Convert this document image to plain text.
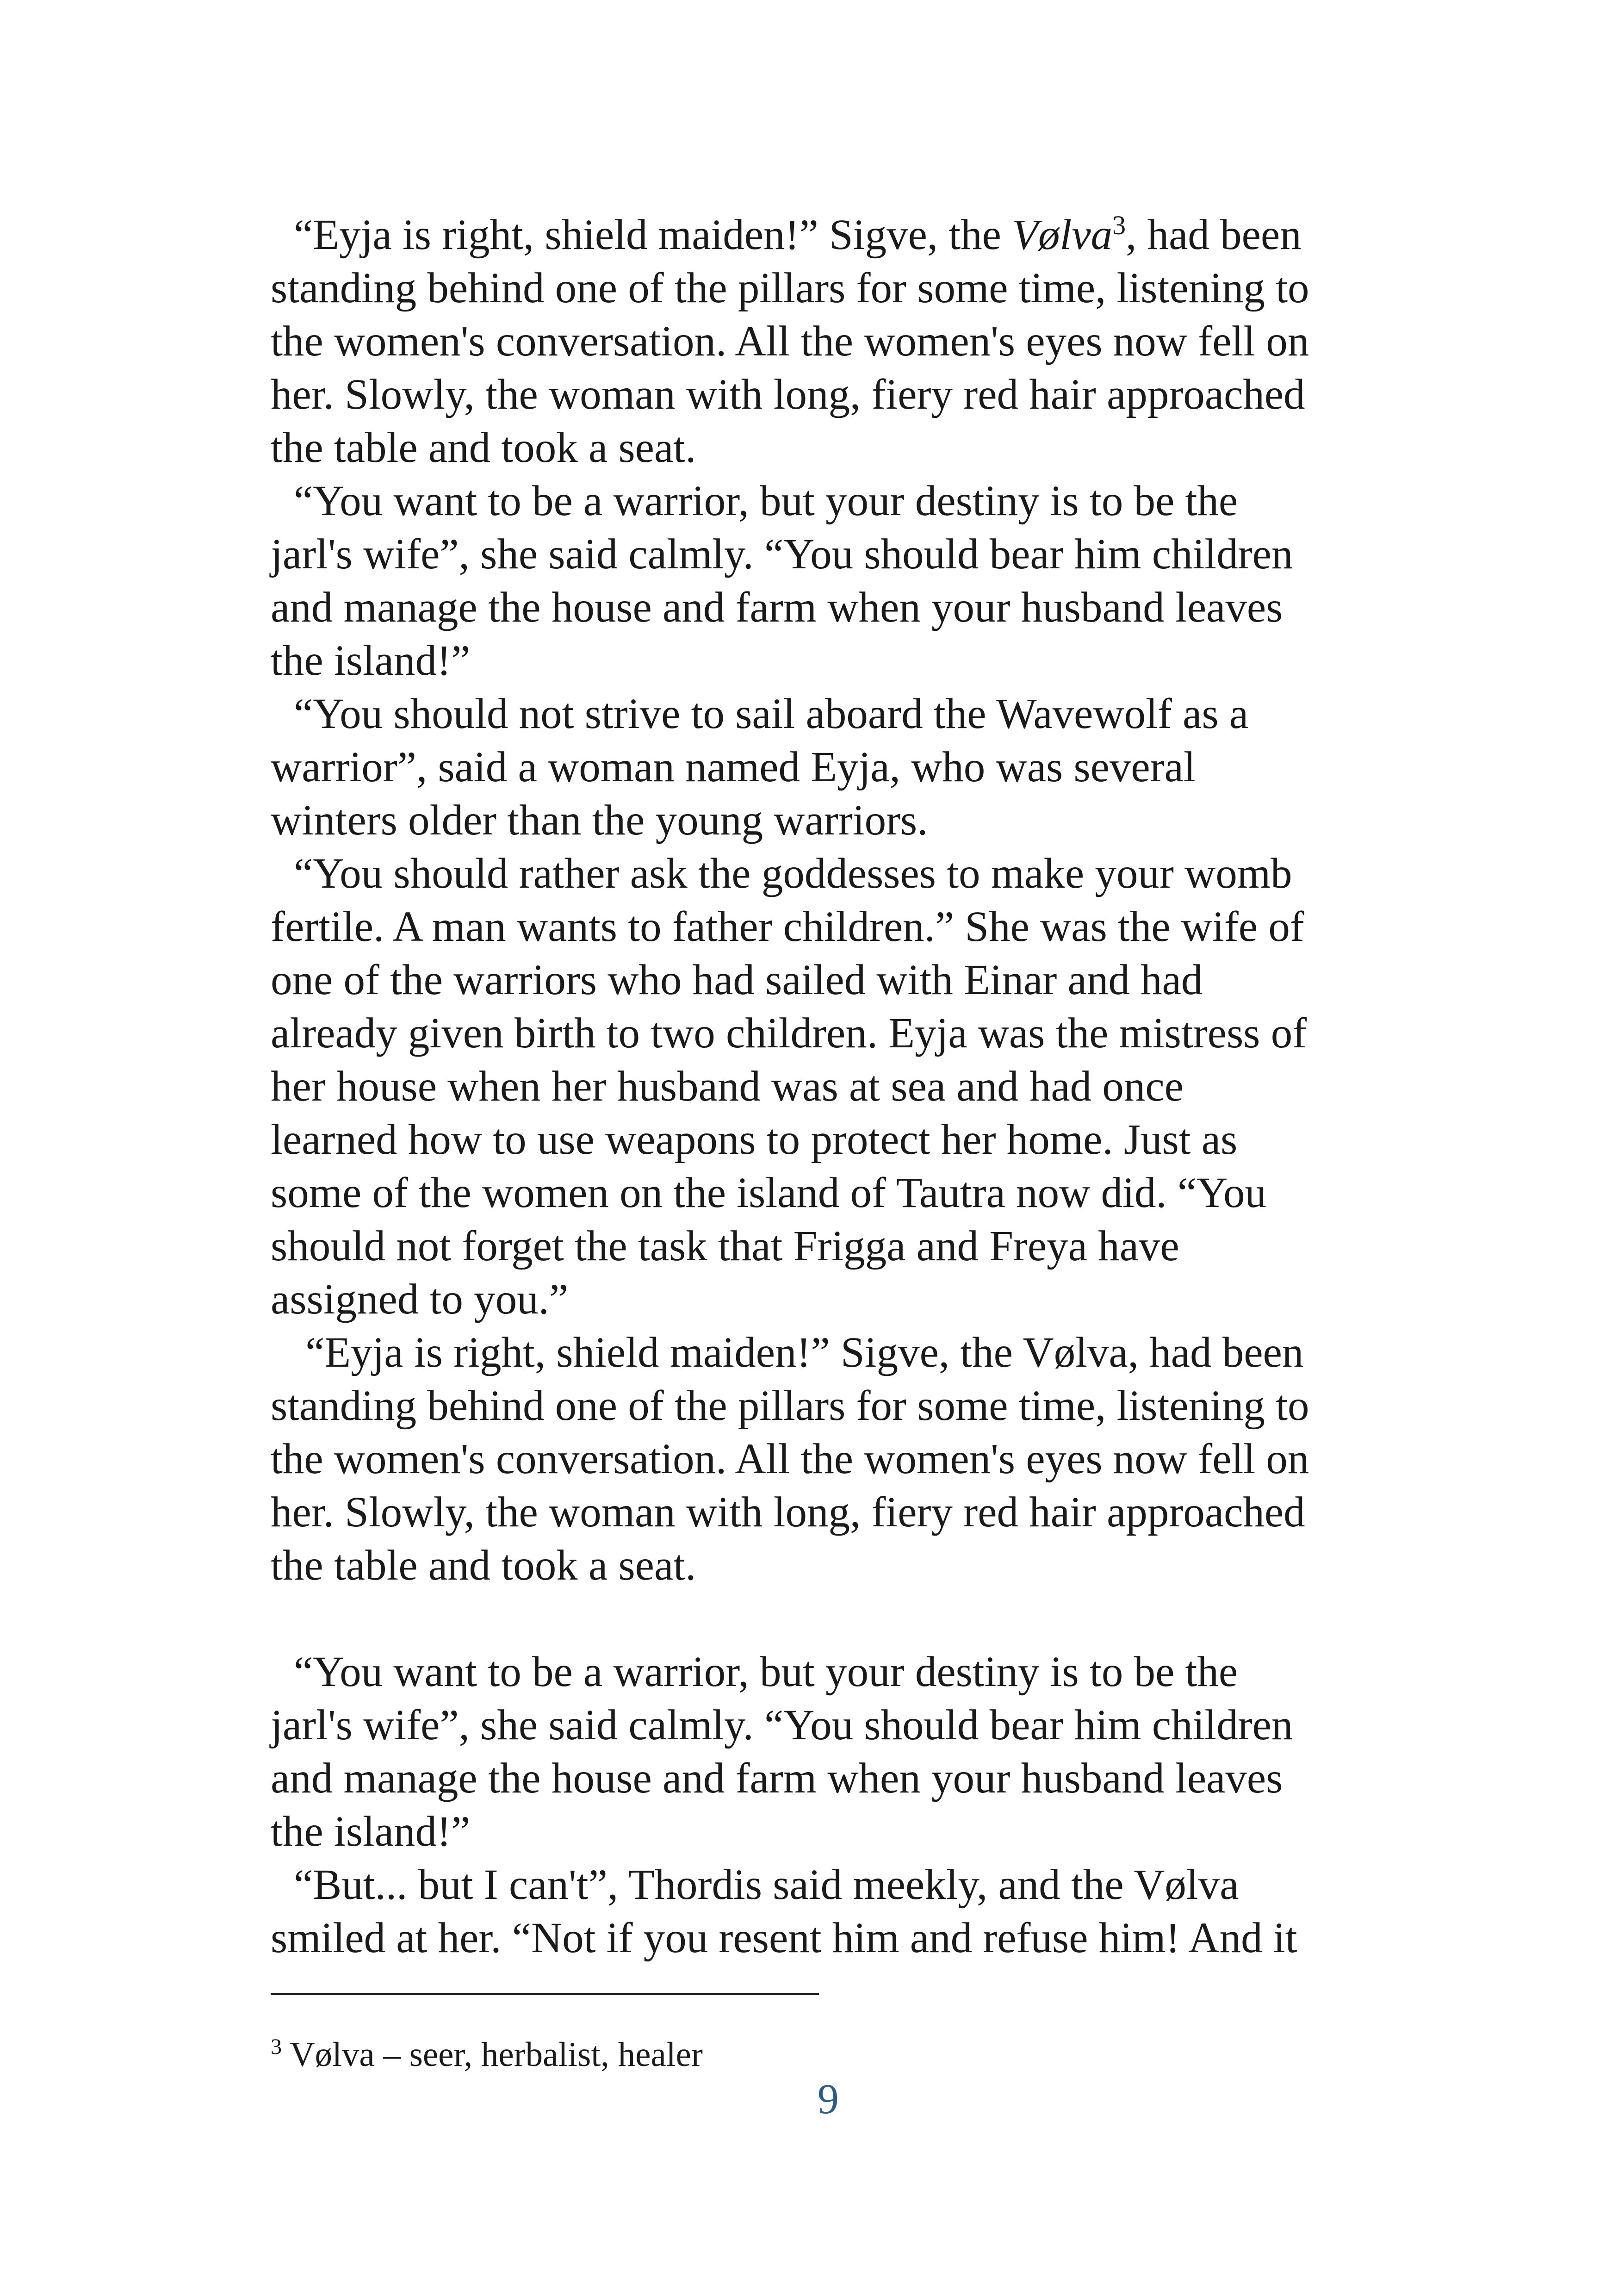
“Eyja is right, shield maiden!” Sigve, the Vølva$^3$, had been
standing behind one of the pillars for some time, listening to
the women's conversation. All the women's eyes now fell on
her. Slowly, the woman with long, fiery red hair approached
the table and took a seat.
“You want to be a warrior, but your destiny is to be the
jarl's wife”, she said calmly. “You should bear him children
and manage the house and farm when your husband leaves
the island!”
“You should not strive to sail aboard the Wavewolf as a
warrior”, said a woman named Eyja, who was several
winters older than the young warriors.
“You should rather ask the goddesses to make your womb
fertile. A man wants to father children.” She was the wife of
one of the warriors who had sailed with Einar and had
already given birth to two children. Eyja was the mistress of
her house when her husband was at sea and had once
learned how to use weapons to protect her home. Just as
some of the women on the island of Tautra now did. “You
should not forget the task that Frigga and Freya have
assigned to you.”
“Eyja is right, shield maiden!” Sigve, the Vølva, had been
standing behind one of the pillars for some time, listening to
the women's conversation. All the women's eyes now fell on
her. Slowly, the woman with long, fiery red hair approached
the table and took a seat.
“You want to be a warrior, but your destiny is to be the
jarl's wife”, she said calmly. “You should bear him children
and manage the house and farm when your husband leaves
the island!”
“But... but I can't”, Thordis said meekly, and the Vølva
smiled at her. “Not if you resent him and refuse him! And it
$^3$ Vølva – seer, herbalist, healer
9
